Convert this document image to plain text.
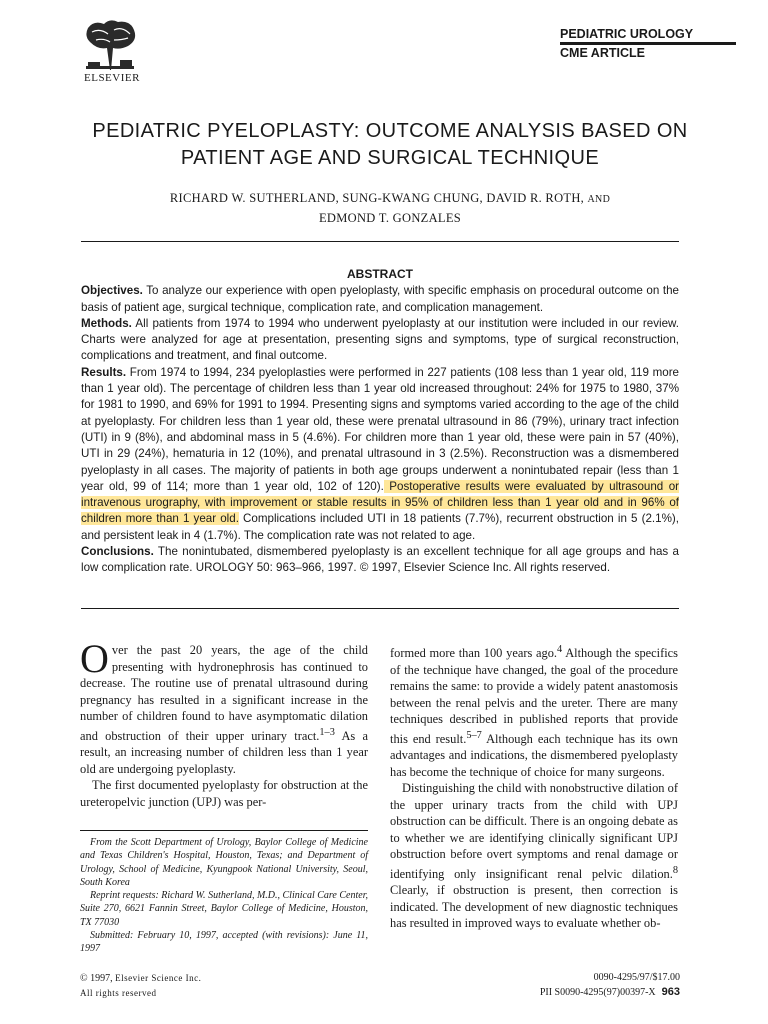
ELSEVIER
PEDIATRIC UROLOGY
CME ARTICLE
PEDIATRIC PYELOPLASTY: OUTCOME ANALYSIS BASED ON
PATIENT AGE AND SURGICAL TECHNIQUE
RICHARD W. SUTHERLAND, SUNG-KWANG CHUNG, DAVID R. ROTH, AND
EDMOND T. GONZALES
ABSTRACT

Objectives. To analyze our experience with open pyeloplasty, with specific emphasis on procedural outcome on the basis of patient age, surgical technique, complication rate, and complication management.

Methods. All patients from 1974 to 1994 who underwent pyeloplasty at our institution were included in our review. Charts were analyzed for age at presentation, presenting signs and symptoms, type of surgical reconstruction, complications and treatment, and final outcome.

Results. From 1974 to 1994, 234 pyeloplasties were performed in 227 patients (108 less than 1 year old, 119 more than 1 year old). The percentage of children less than 1 year old increased throughout: 24% for 1975 to 1980, 37% for 1981 to 1990, and 69% for 1991 to 1994. Presenting signs and symptoms varied according to the age of the child at pyeloplasty. For children less than 1 year old, these were prenatal ultrasound in 86 (79%), urinary tract infection (UTI) in 9 (8%), and abdominal mass in 5 (4.6%). For children more than 1 year old, these were pain in 57 (40%), UTI in 29 (24%), hematuria in 12 (10%), and prenatal ultrasound in 3 (2.5%). Reconstruction was a dismembered pyeloplasty in all cases. The majority of patients in both age groups underwent a nonintubated repair (less than 1 year old, 99 of 114; more than 1 year old, 102 of 120). Postoperative results were evaluated by ultrasound or intravenous urography, with improvement or stable results in 95% of children less than 1 year old and in 96% of children more than 1 year old. Complications included UTI in 18 patients (7.7%), recurrent obstruction in 5 (2.1%), and persistent leak in 4 (1.7%). The complication rate was not related to age.

Conclusions. The nonintubated, dismembered pyeloplasty is an excellent technique for all age groups and has a low complication rate. UROLOGY 50: 963–966, 1997. © 1997, Elsevier Science Inc. All rights reserved.

Over the past 20 years, the age of the child presenting with hydronephrosis has continued to decrease. The routine use of prenatal ultrasound during pregnancy has resulted in a significant increase in the number of children found to have asymptomatic dilation and obstruction of their upper urinary tract.$^{1-3}$ As a result, an increasing number of children less than 1 year old are undergoing pyeloplasty.

The first documented pyeloplasty for obstruction at the ureteropelvic junction (UPJ) was per-

From the Scott Department of Urology, Baylor College of Medicine and Texas Children's Hospital, Houston, Texas; and Department of Urology, School of Medicine, Kyungpook National University, Seoul, South Korea

Reprint requests: Richard W. Sutherland, M.D., Clinical Care Center, Suite 270, 6621 Fannin Street, Baylor College of Medicine, Houston, TX 77030

Submitted: February 10, 1997, accepted (with revisions): June 11, 1997

formed more than 100 years ago.$^4$ Although the specifics of the technique have changed, the goal of the procedure remains the same: to provide a widely patent anastomosis between the renal pelvis and the ureter. There are many techniques described in published reports that provide this end result.$^{5-7}$ Although each technique has its own advantages and indications, the dismembered pyeloplasty has become the technique of choice for many surgeons.

Distinguishing the child with nonobstructive dilation of the upper urinary tracts from the child with UPJ obstruction can be difficult. There is an ongoing debate as to whether we are identifying clinically significant UPJ obstruction before overt symptoms and renal damage or identifying only insignificant renal pelvic dilation.$^8$ Clearly, if obstruction is present, then correction is indicated. The development of new diagnostic techniques has resulted in improved ways to evaluate whether ob-

© 1997, Elsevier Science Inc.
All rights reserved
0090-4295/97/$17.00
PII S0090-4295(97)00397-X 963
